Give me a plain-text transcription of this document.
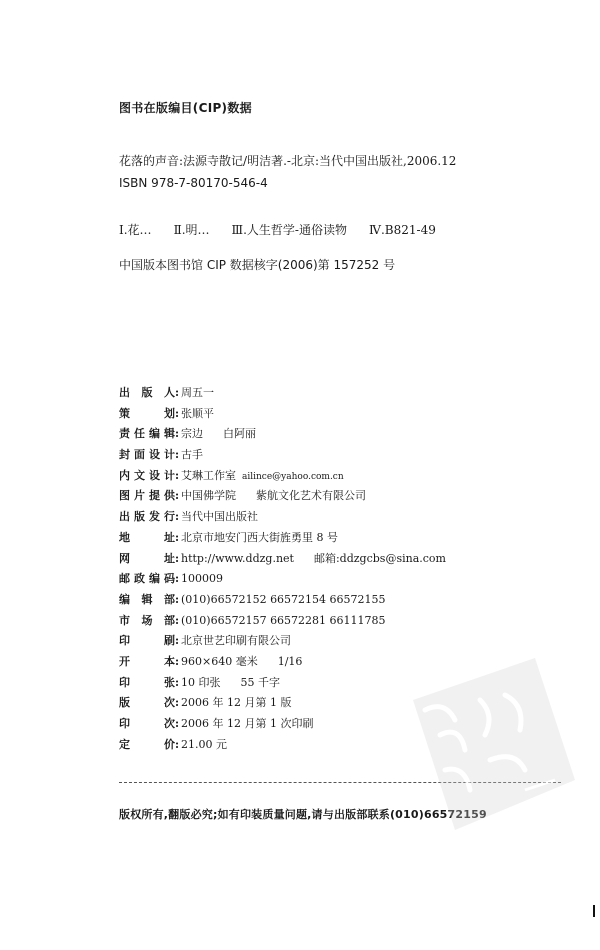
图书在版编目(CIP)数据
花落的声音:法源寺散记/明洁著.-北京:当代中国出版社,2006.12
ISBN 978-7-80170-546-4
Ⅰ.花… Ⅱ.明… Ⅲ.人生哲学-通俗读物 Ⅳ.B821-49
中国版本图书馆 CIP 数据核字(2006)第 157252 号
出版人: 周五一
策划: 张顺平
责任编辑: 宗边 白阿丽
封面设计: 古手
内文设计: 艾琳工作室 ailince@yahoo.com.cn
图片提供: 中国佛学院 紫航文化艺术有限公司
出版发行: 当代中国出版社
地址: 北京市地安门西大街旌勇里 8 号
网址: http://www.ddzg.net 邮箱:ddzgcbs@sina.com
邮政编码: 100009
编辑部: (010)66572152 66572154 66572155
市场部: (010)66572157 66572281 66111785
印刷: 北京世艺印刷有限公司
开本: 960×640 毫米 1/16
印张: 10 印张 55 千字
版次: 2006 年 12 月第 1 版
印次: 2006 年 12 月第 1 次印刷
定价: 21.00 元
版权所有,翻版必究;如有印装质量问题,请与出版部联系(010)66572159
